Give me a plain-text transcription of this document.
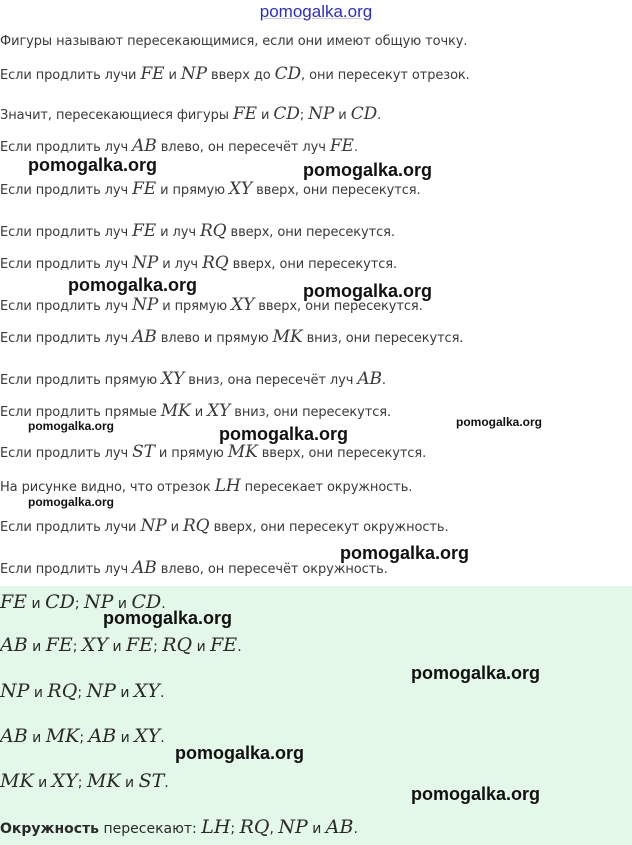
pomogalka.org
Фигуры называют пересекающимися, если они имеют общую точку.
Если продлить лучи FE и NP вверх до CD, они пересекут отрезок.
Значит, пересекающиеся фигуры FE и CD; NP и CD.
Если продлить луч AB влево, он пересечёт луч FE.
Если продлить луч FE и прямую XY вверх, они пересекутся.
Если продлить луч FE и луч RQ вверх, они пересекутся.
Если продлить луч NP и луч RQ вверх, они пересекутся.
Если продлить луч NP и прямую XY вверх, они пересекутся.
Если продлить луч AB влево и прямую MK вниз, они пересекутся.
Если продлить прямую XY вниз, она пересечёт луч AB.
Если продлить прямые MK и XY вниз, они пересекутся.
Если продлить луч ST и прямую MK вверх, они пересекутся.
На рисунке видно, что отрезок LH пересекает окружность.
Если продлить лучи NP и RQ вверх, они пересекут окружность.
Если продлить луч AB влево, он пересечёт окружность.
FE и CD; NP и CD.
AB и FE; XY и FE; RQ и FE.
NP и RQ; NP и XY.
AB и MK; AB и XY.
MK и XY; MK и ST.
Окружность пересекают: LH; RQ, NP и AB.
pomogalka.org	pomogalka.org
pomogalka.org	pomogalka.org
pomogalka.org	pomogalka.org
pomogalka.org
pomogalka.org
pomogalka.org
pomogalka.org
pomogalka.org
pomogalka.org
pomogalka.org
